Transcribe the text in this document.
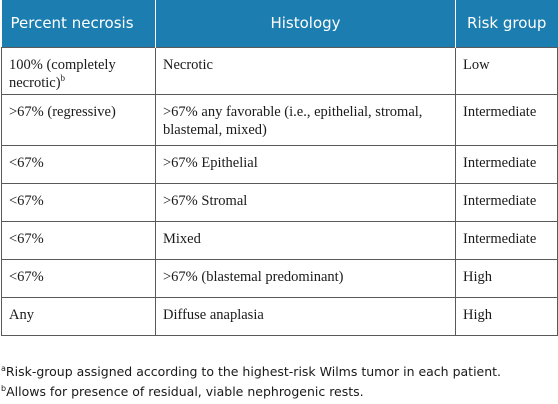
Percent necrosis	Histology	Risk group
100% (completely necrotic)$^b$	Necrotic	Low
>67% (regressive)	>67% any favorable (i.e., epithelial, stromal, blastemal, mixed)	Intermediate
<67%	>67% Epithelial	Intermediate
<67%	>67% Stromal	Intermediate
<67%	Mixed	Intermediate
<67%	>67% (blastemal predominant)	High
Any	Diffuse anaplasia	High
$^a$Risk-group assigned according to the highest-risk Wilms tumor in each patient.
$^b$Allows for presence of residual, viable nephrogenic rests.
